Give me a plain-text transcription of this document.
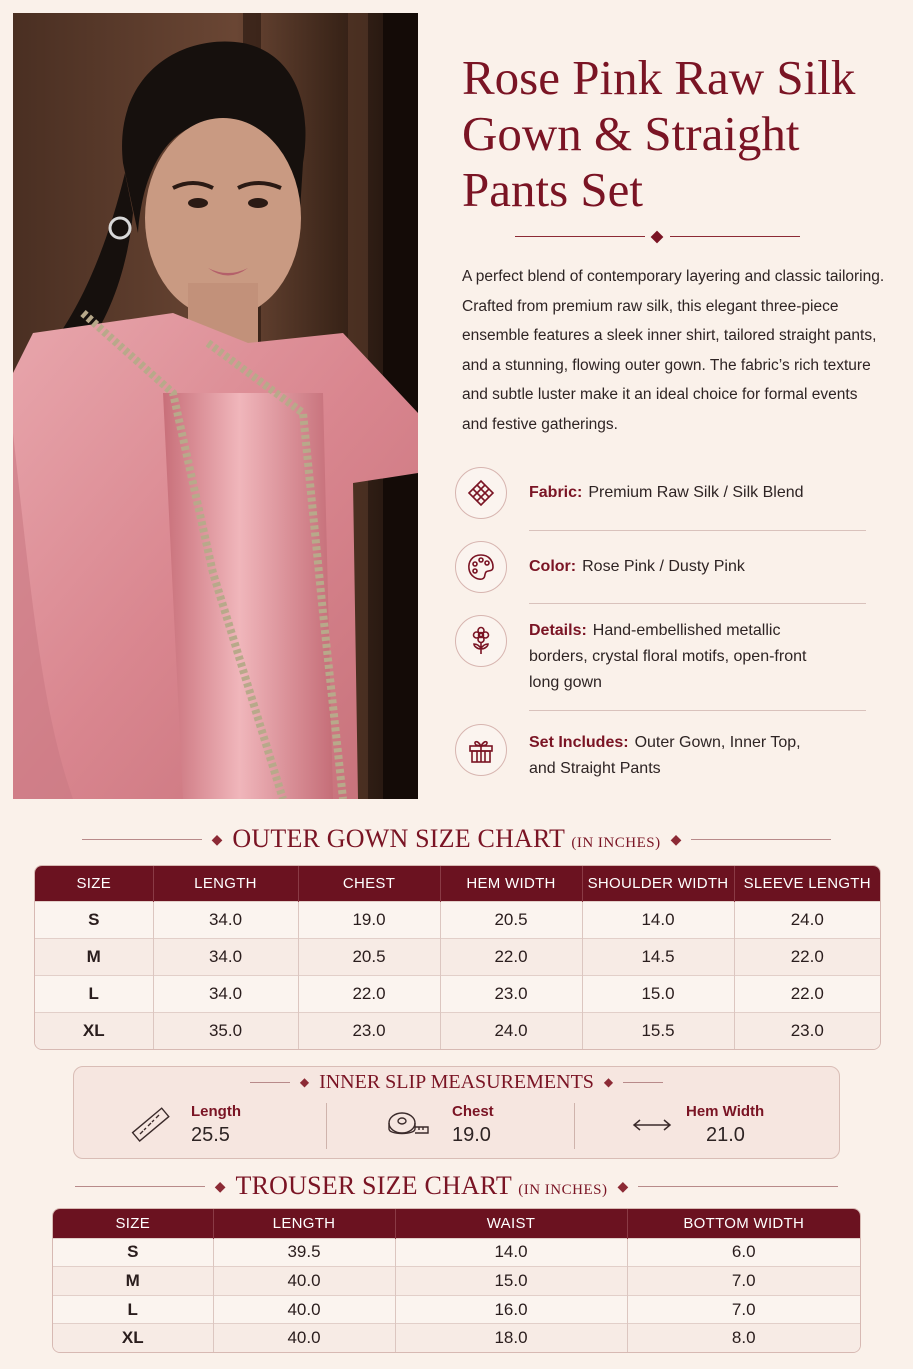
Rose Pink Raw Silk Gown & Straight Pants Set

A perfect blend of contemporary layering and classic tailoring. Crafted from premium raw silk, this elegant three-piece ensemble features a sleek inner shirt, tailored straight pants, and a stunning, flowing outer gown. The fabric’s rich texture and subtle luster make it an ideal choice for formal events and festive gatherings.

Fabric: Premium Raw Silk / Silk Blend
Color: Rose Pink / Dusty Pink
Details: Hand-embellished metallic borders, crystal floral motifs, open-front long gown
Set Includes: Outer Gown, Inner Top, and Straight Pants
◆ OUTER GOWN SIZE CHART (IN INCHES) ◆
SIZE	LENGTH	CHEST	HEM WIDTH	SHOULDER WIDTH	SLEEVE LENGTH
S	34.0	19.0	20.5	14.0	24.0
M	34.0	20.5	22.0	14.5	22.0
L	34.0	22.0	23.0	15.0	22.0
XL	35.0	23.0	24.0	15.5	23.0
◆ INNER SLIP MEASUREMENTS ◆
Length
25.5
Chest
19.0
Hem Width
21.0
◆ TROUSER SIZE CHART (IN INCHES) ◆
SIZE	LENGTH	WAIST	BOTTOM WIDTH
S	39.5	14.0	6.0
M	40.0	15.0	7.0
L	40.0	16.0	7.0
XL	40.0	18.0	8.0
